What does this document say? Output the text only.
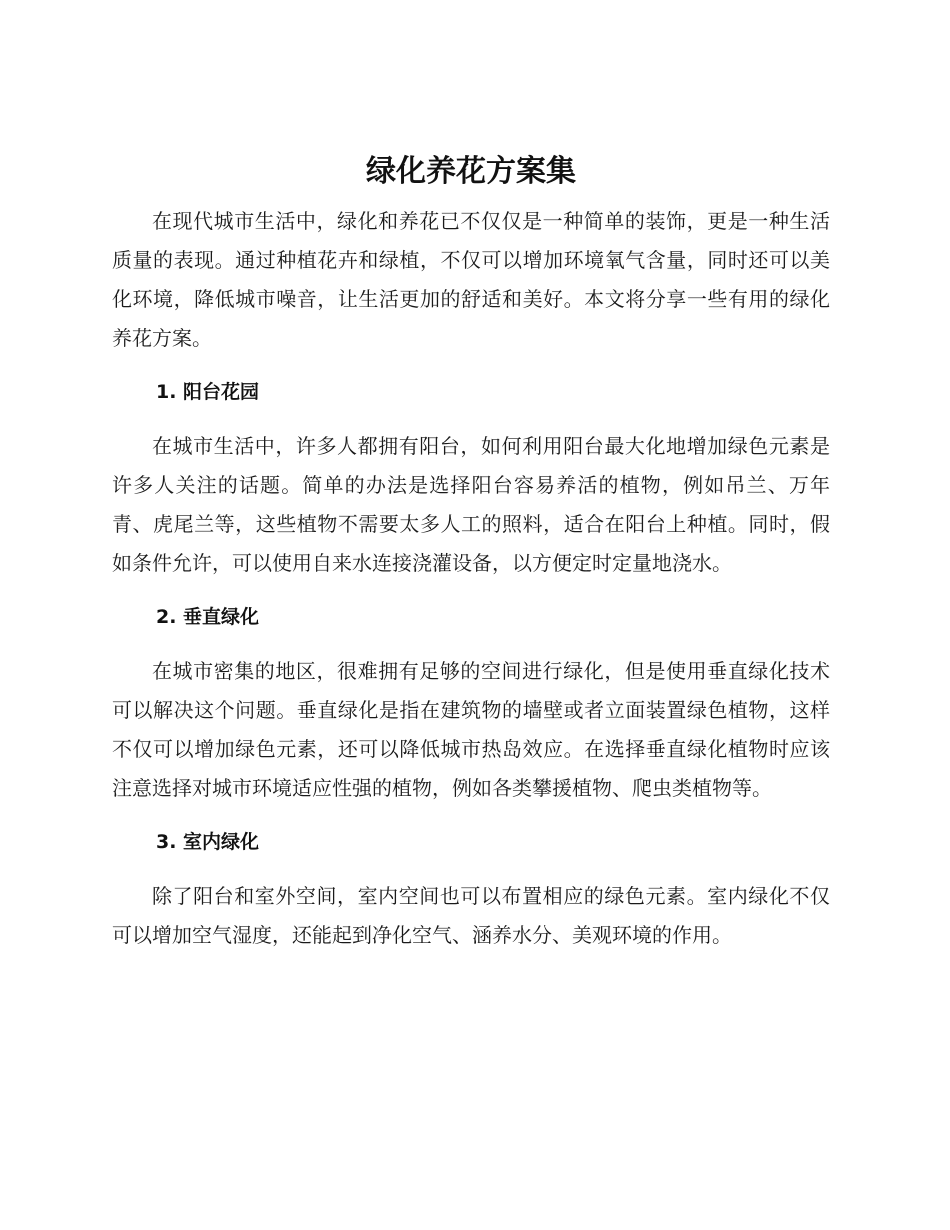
绿化养花方案集

在现代城市生活中，绿化和养花已不仅仅是一种简单的装饰，更是一种生活质量的表现。通过种植花卉和绿植，不仅可以增加环境氧气含量，同时还可以美化环境，降低城市噪音，让生活更加的舒适和美好。本文将分享一些有用的绿化养花方案。

1. 阳台花园

在城市生活中，许多人都拥有阳台，如何利用阳台最大化地增加绿色元素是许多人关注的话题。简单的办法是选择阳台容易养活的植物，例如吊兰、万年青、虎尾兰等，这些植物不需要太多人工的照料，适合在阳台上种植。同时，假如条件允许，可以使用自来水连接浇灌设备，以方便定时定量地浇水。

2. 垂直绿化

在城市密集的地区，很难拥有足够的空间进行绿化，但是使用垂直绿化技术可以解决这个问题。垂直绿化是指在建筑物的墙壁或者立面装置绿色植物，这样不仅可以增加绿色元素，还可以降低城市热岛效应。在选择垂直绿化植物时应该注意选择对城市环境适应性强的植物，例如各类攀援植物、爬虫类植物等。

3. 室内绿化

除了阳台和室外空间，室内空间也可以布置相应的绿色元素。室内绿化不仅可以增加空气湿度，还能起到净化空气、涵养水分、美观环境的作用。
